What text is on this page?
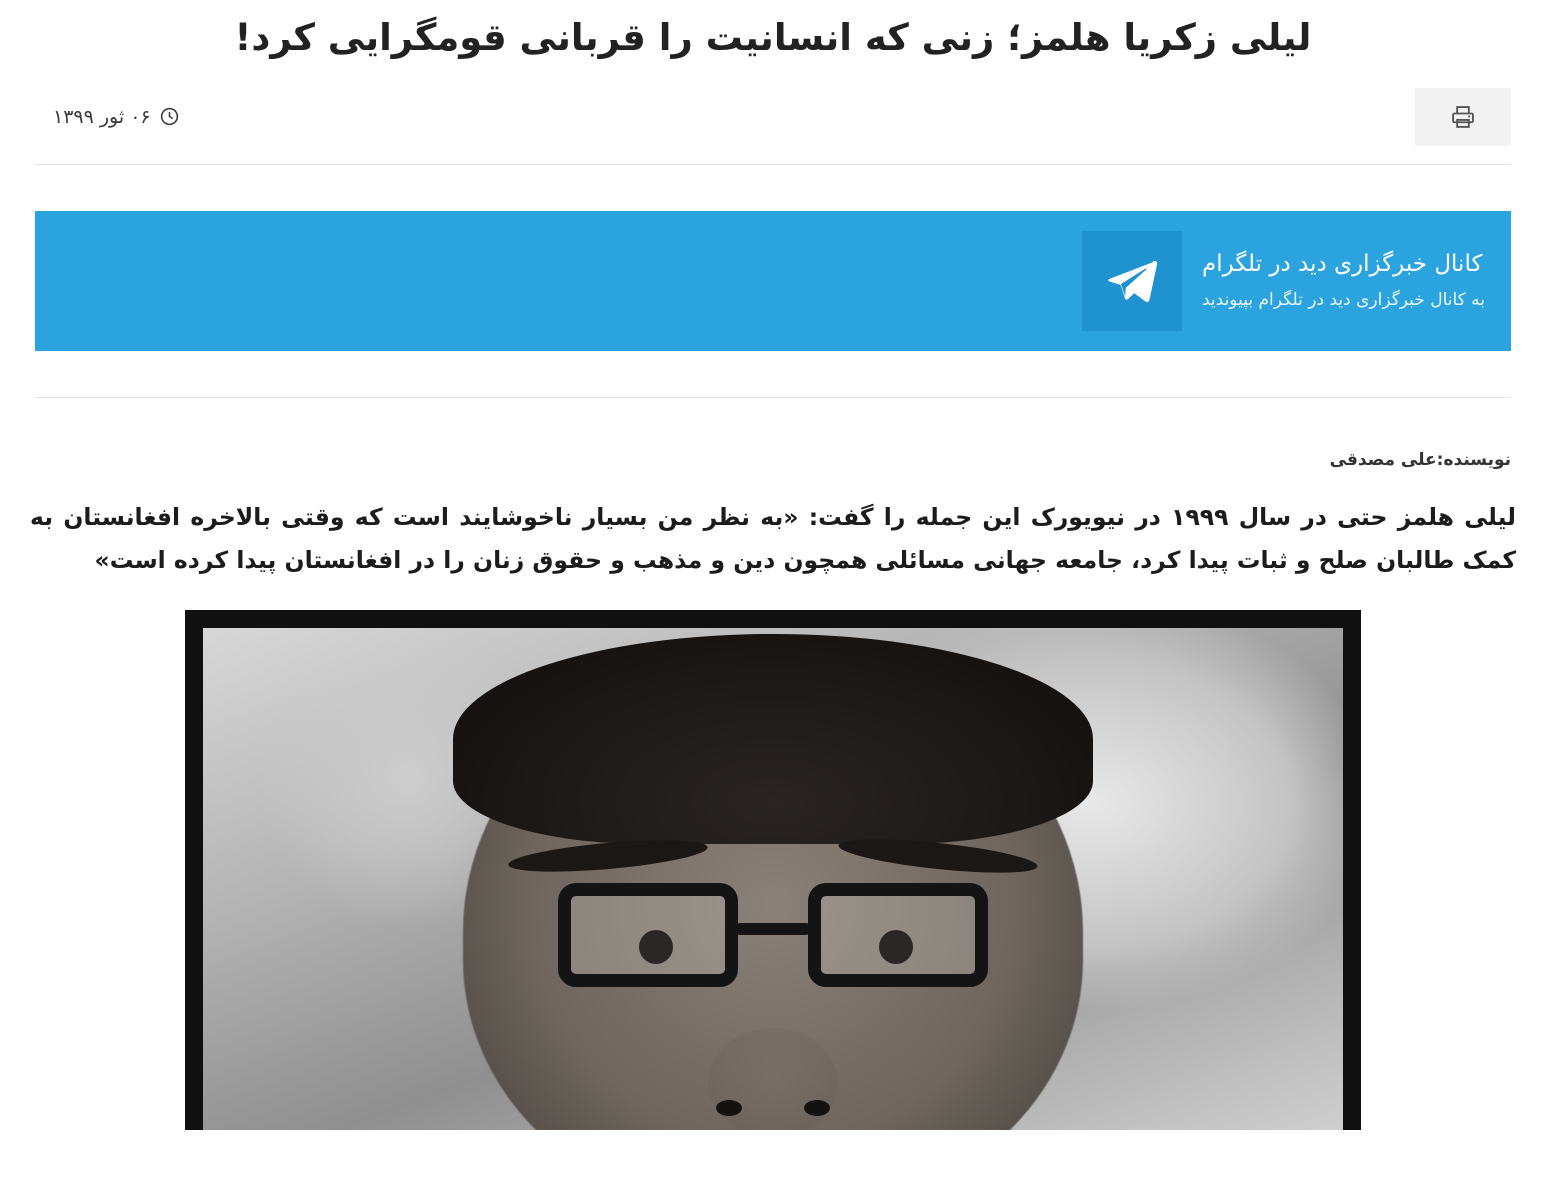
لیلی زکریا هلمز؛ زنی که انسانیت را قربانی قومگرایی کرد!
۰۶ ثور ۱۳۹۹
کانال خبرگزاری دید در تلگرام
به کانال خبرگزاری دید در تلگرام بپیوندید
نویسنده:علی مصدقی

لیلی هلمز حتی در سال ۱۹۹۹ در نیویورک این جمله را گفت: «به نظر من بسیار ناخوشایند است که وقتی بالاخره افغانستان به کمک طالبان صلح و ثبات پیدا کرد، جامعه جهانی مسائلی همچون دین و مذهب و حقوق زنان را در افغانستان پیدا کرده است»
